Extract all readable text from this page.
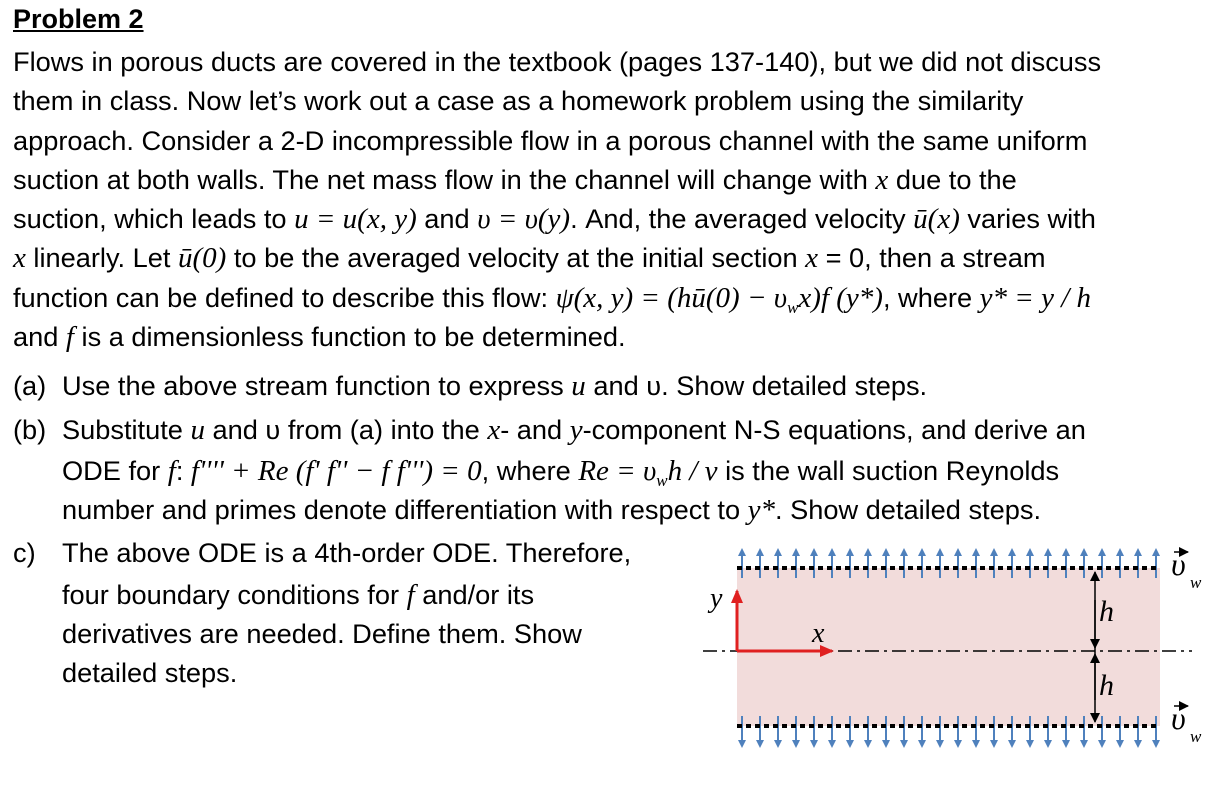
Problem 2
Flows in porous ducts are covered in the textbook (pages 137-140), but we did not discuss
them in class. Now let’s work out a case as a homework problem using the similarity
approach. Consider a 2-D incompressible flow in a porous channel with the same uniform
suction at both walls. The net mass flow in the channel will change with x due to the
suction, which leads to u = u(x, y) and υ = υ(y). And, the averaged velocity ū(x) varies with
x linearly. Let ū(0) to be the averaged velocity at the initial section x = 0, then a stream
function can be defined to describe this flow: ψ(x, y) = (hū(0) − $\upsilon_wx)f$ (y*), where y* = y / h
and f is a dimensionless function to be determined.
(a) Use the above stream function to express u and υ. Show detailed steps.
(b) Substitute u and υ from (a) into the x- and y-component N-S equations, and derive an
ODE for f: f'''' + Re (f' f'' − f f''') = 0, where $Re = \upsilon_wh / \nu$ is the wall suction Reynolds
number and primes denote differentiation with respect to y*. Show detailed steps.
c) The above ODE is a 4th-order ODE. Therefore,
four boundary conditions for f and/or its
derivatives are needed. Define them. Show
detailed steps.
y
x
h
h
υ
w
υ
w
